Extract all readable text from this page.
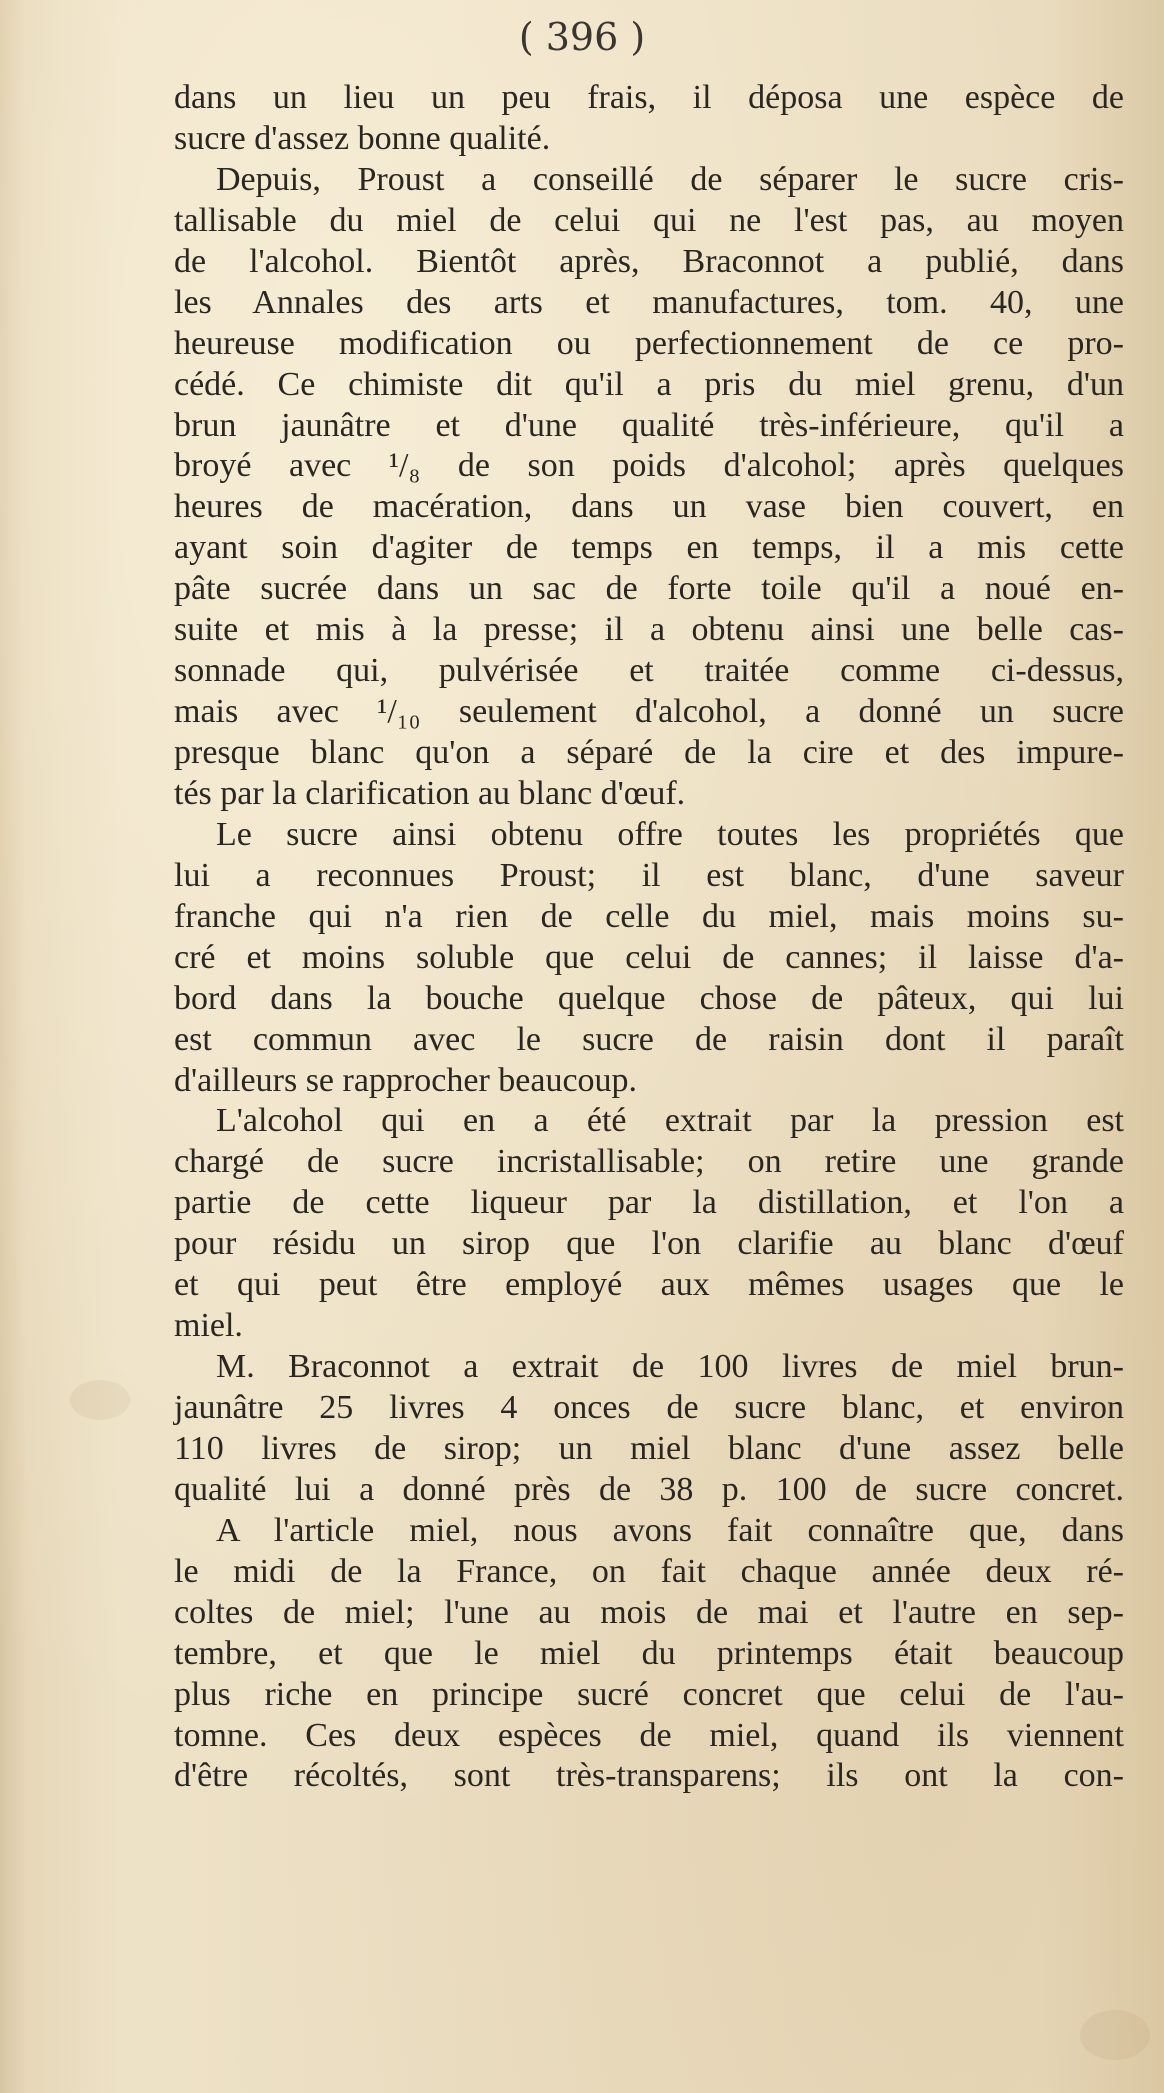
( 396 )
dans un lieu un peu frais, il déposa une espèce de
sucre d'assez bonne qualité.
Depuis, Proust a conseillé de séparer le sucre cris-
tallisable du miel de celui qui ne l'est pas, au moyen
de l'alcohol. Bientôt après, Braconnot a publié, dans
les Annales des arts et manufactures, tom. 40, une
heureuse modification ou perfectionnement de ce pro-
cédé. Ce chimiste dit qu'il a pris du miel grenu, d'un
brun jaunâtre et d'une qualité très-inférieure, qu'il a
broyé avec ¹/₈ de son poids d'alcohol; après quelques
heures de macération, dans un vase bien couvert, en
ayant soin d'agiter de temps en temps, il a mis cette
pâte sucrée dans un sac de forte toile qu'il a noué en-
suite et mis à la presse; il a obtenu ainsi une belle cas-
sonnade qui, pulvérisée et traitée comme ci-dessus,
mais avec ¹/₁₀ seulement d'alcohol, a donné un sucre
presque blanc qu'on a séparé de la cire et des impure-
tés par la clarification au blanc d'œuf.
Le sucre ainsi obtenu offre toutes les propriétés que
lui a reconnues Proust; il est blanc, d'une saveur
franche qui n'a rien de celle du miel, mais moins su-
cré et moins soluble que celui de cannes; il laisse d'a-
bord dans la bouche quelque chose de pâteux, qui lui
est commun avec le sucre de raisin dont il paraît
d'ailleurs se rapprocher beaucoup.
L'alcohol qui en a été extrait par la pression est
chargé de sucre incristallisable; on retire une grande
partie de cette liqueur par la distillation, et l'on a
pour résidu un sirop que l'on clarifie au blanc d'œuf
et qui peut être employé aux mêmes usages que le
miel.
M. Braconnot a extrait de 100 livres de miel brun-
jaunâtre 25 livres 4 onces de sucre blanc, et environ
110 livres de sirop; un miel blanc d'une assez belle
qualité lui a donné près de 38 p. 100 de sucre concret.
A l'article miel, nous avons fait connaître que, dans
le midi de la France, on fait chaque année deux ré-
coltes de miel; l'une au mois de mai et l'autre en sep-
tembre, et que le miel du printemps était beaucoup
plus riche en principe sucré concret que celui de l'au-
tomne. Ces deux espèces de miel, quand ils viennent
d'être récoltés, sont très-transparens; ils ont la con-
